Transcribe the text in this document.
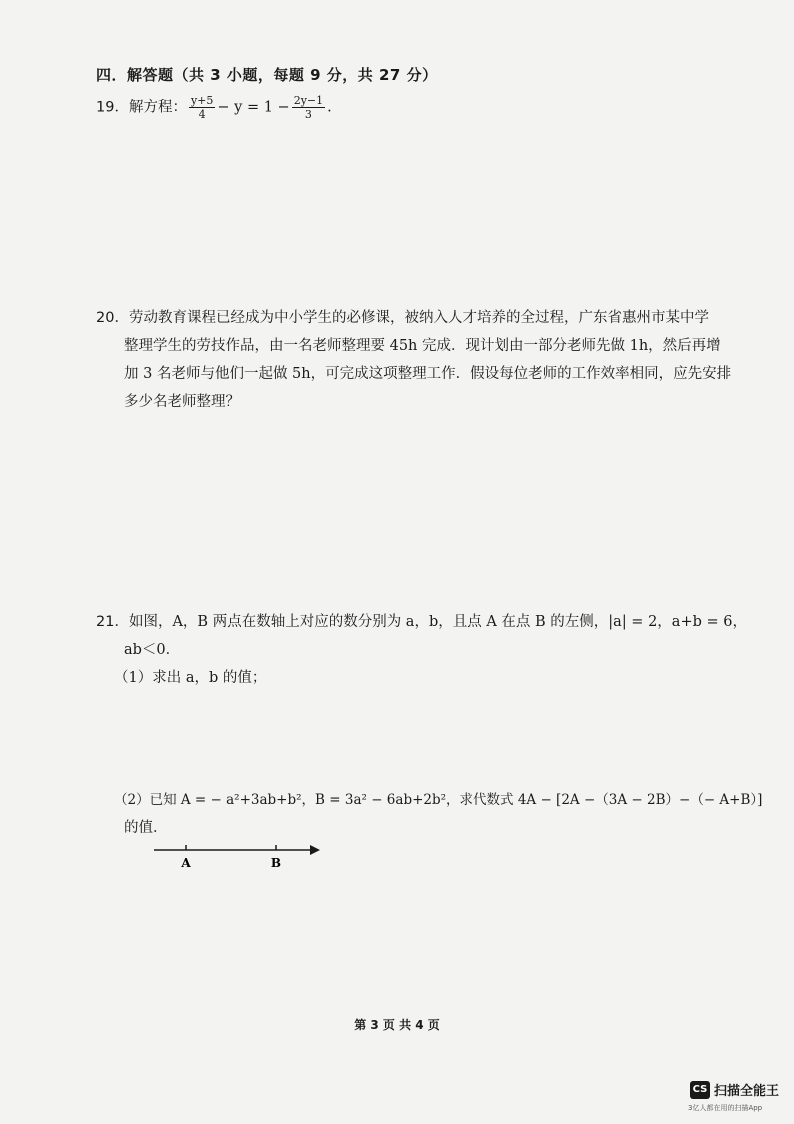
四．解答题（共 3 小题，每题 9 分，共 27 分）
19．解方程： $\frac{y+5}{4} - y = 1 - \frac{2y-1}{3}$ .
20．劳动教育课程已经成为中小学生的必修课，被纳入人才培养的全过程，广东省惠州市某中学
整理学生的劳技作品，由一名老师整理要 45h 完成．现计划由一部分老师先做 1h，然后再增
加 3 名老师与他们一起做 5h，可完成这项整理工作．假设每位老师的工作效率相同，应先安排
多少名老师整理？
21．如图，A，B 两点在数轴上对应的数分别为 a，b，且点 A 在点 B 的左侧，|a| = 2，a+b = 6，
ab＜0．
（1）求出 a，b 的值；
（2）已知 A = − a²+3ab+b²，B = 3a² − 6ab+2b²，求代数式 4A − [2A −（3A − 2B）−（− A+B）]
的值．
A	B
第 3 页 共 4 页
CS 扫描全能王
3亿人都在用的扫描App
